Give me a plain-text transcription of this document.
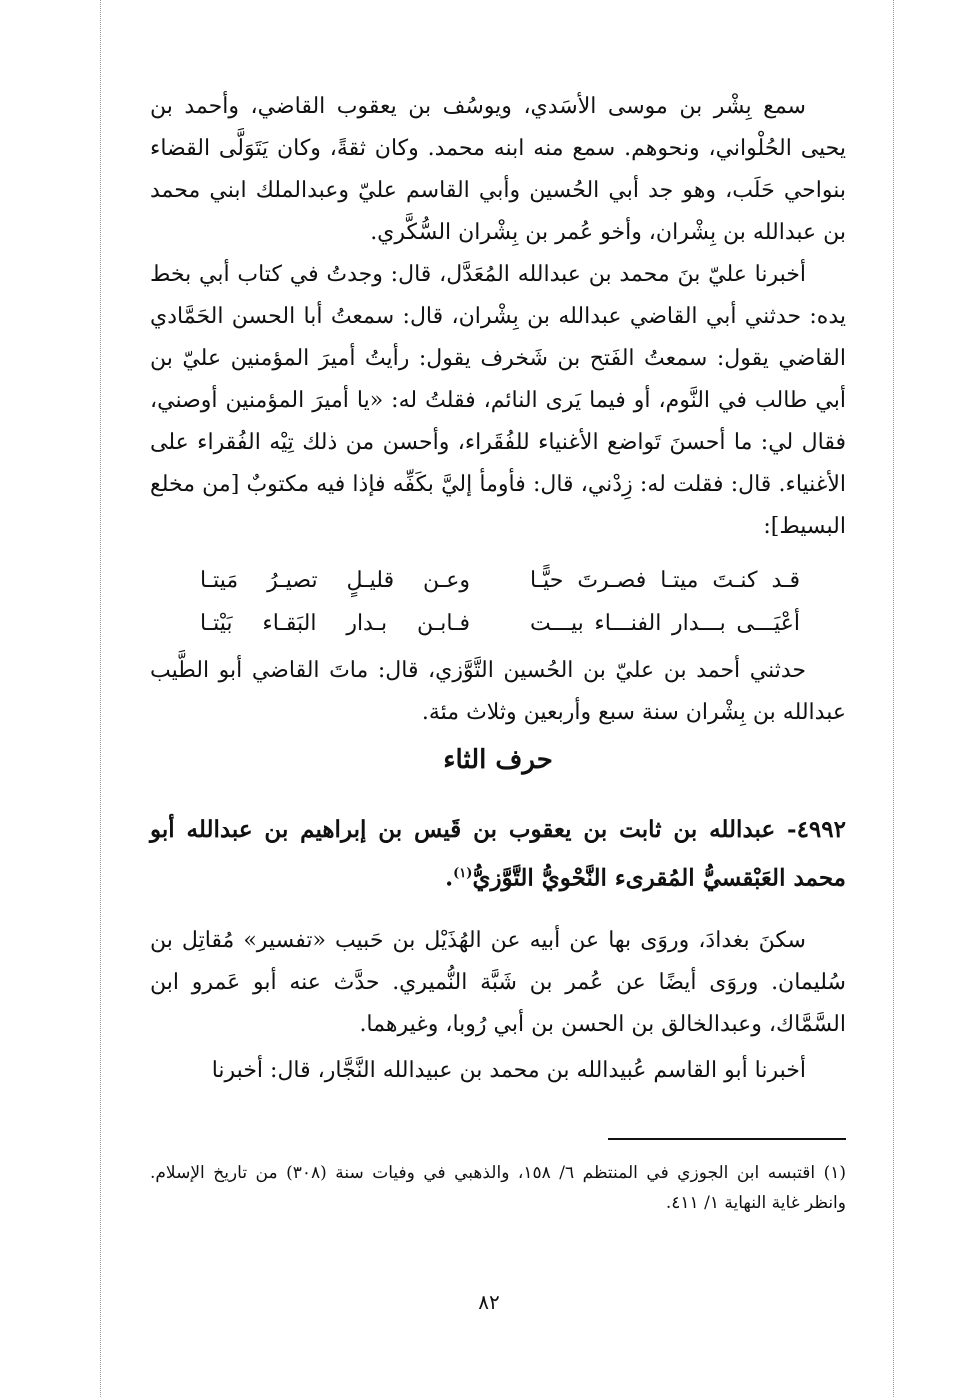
سمع بِشْر بن موسى الأسَدي، ويوسُف بن يعقوب القاضي، وأحمد بن يحيى الحُلْواني، ونحوهم. سمع منه ابنه محمد. وكان ثقةً، وكان يَتَوَلَّى القضاء بنواحي حَلَب، وهو جد أبي الحُسين وأبي القاسم عليّ وعبدالملك ابني محمد بن عبدالله بن بِشْران، وأخو عُمر بن بِشْران السُّكَّري.

أخبرنا عليّ بنَ محمد بن عبدالله المُعَدَّل، قال: وجدتُ في كتاب أبي بخط يده: حدثني أبي القاضي عبدالله بن بِشْران، قال: سمعتُ أبا الحسن الحَمَّادي القاضي يقول: سمعتُ الفَتح بن شَخرف يقول: رأيتُ أميرَ المؤمنين عليّ بن أبي طالب في النَّوم، أو فيما يَرى النائم، فقلتُ له: «يا أميرَ المؤمنين أوصني، فقال لي: ما أحسنَ تَواضع الأغنياء للفُقَراء، وأحسن من ذلك تِيْه الفُقراء على الأغنياء. قال: فقلت له: زِدْني، قال: فأومأ إليَّ بكَفِّه فإذا فيه مكتوبٌ [من مخلع البسيط]:

قـد كنـتَ ميتـا فصـرتَ حيًّـا
وعـن قليـلٍ تصيـرُ مَيتـا
أعْيَـــى بـــدار الفنـــاء بيـــت
فـابـن بـدار البَقـاء بَيْتـا

حدثني أحمد بن عليّ بن الحُسين التَّوَّزي، قال: ماتَ القاضي أبو الطَّيب عبدالله بن بِشْران سنة سبع وأربعين وثلاث مئة.

حرف الثاء

٤٩٩٢- عبدالله بن ثابت بن يعقوب بن قَيس بن إبراهيم بن عبدالله أبو محمد العَبْقسيُّ المُقرىء النَّحْويُّ التَّوَّزيُّ$^{(١)}$.

سكنَ بغدادَ، وروَى بها عن أبيه عن الهُذَيْل بن حَبيب «تفسير» مُقاتِل بن سُليمان. وروَى أيضًا عن عُمر بن شَبَّة النُّميري. حدَّث عنه أبو عَمرو ابن السَّمَّاك، وعبدالخالق بن الحسن بن أبي رُوبا، وغيرهما.

أخبرنا أبو القاسم عُبيدالله بن محمد بن عبيدالله النَّجَّار، قال: أخبرنا

(١) اقتبسه ابن الجوزي في المنتظم ٦/ ١٥٨، والذهبي في وفيات سنة (٣٠٨) من تاريخ الإسلام. وانظر غاية النهاية ١/ ٤١١.

٨٢
